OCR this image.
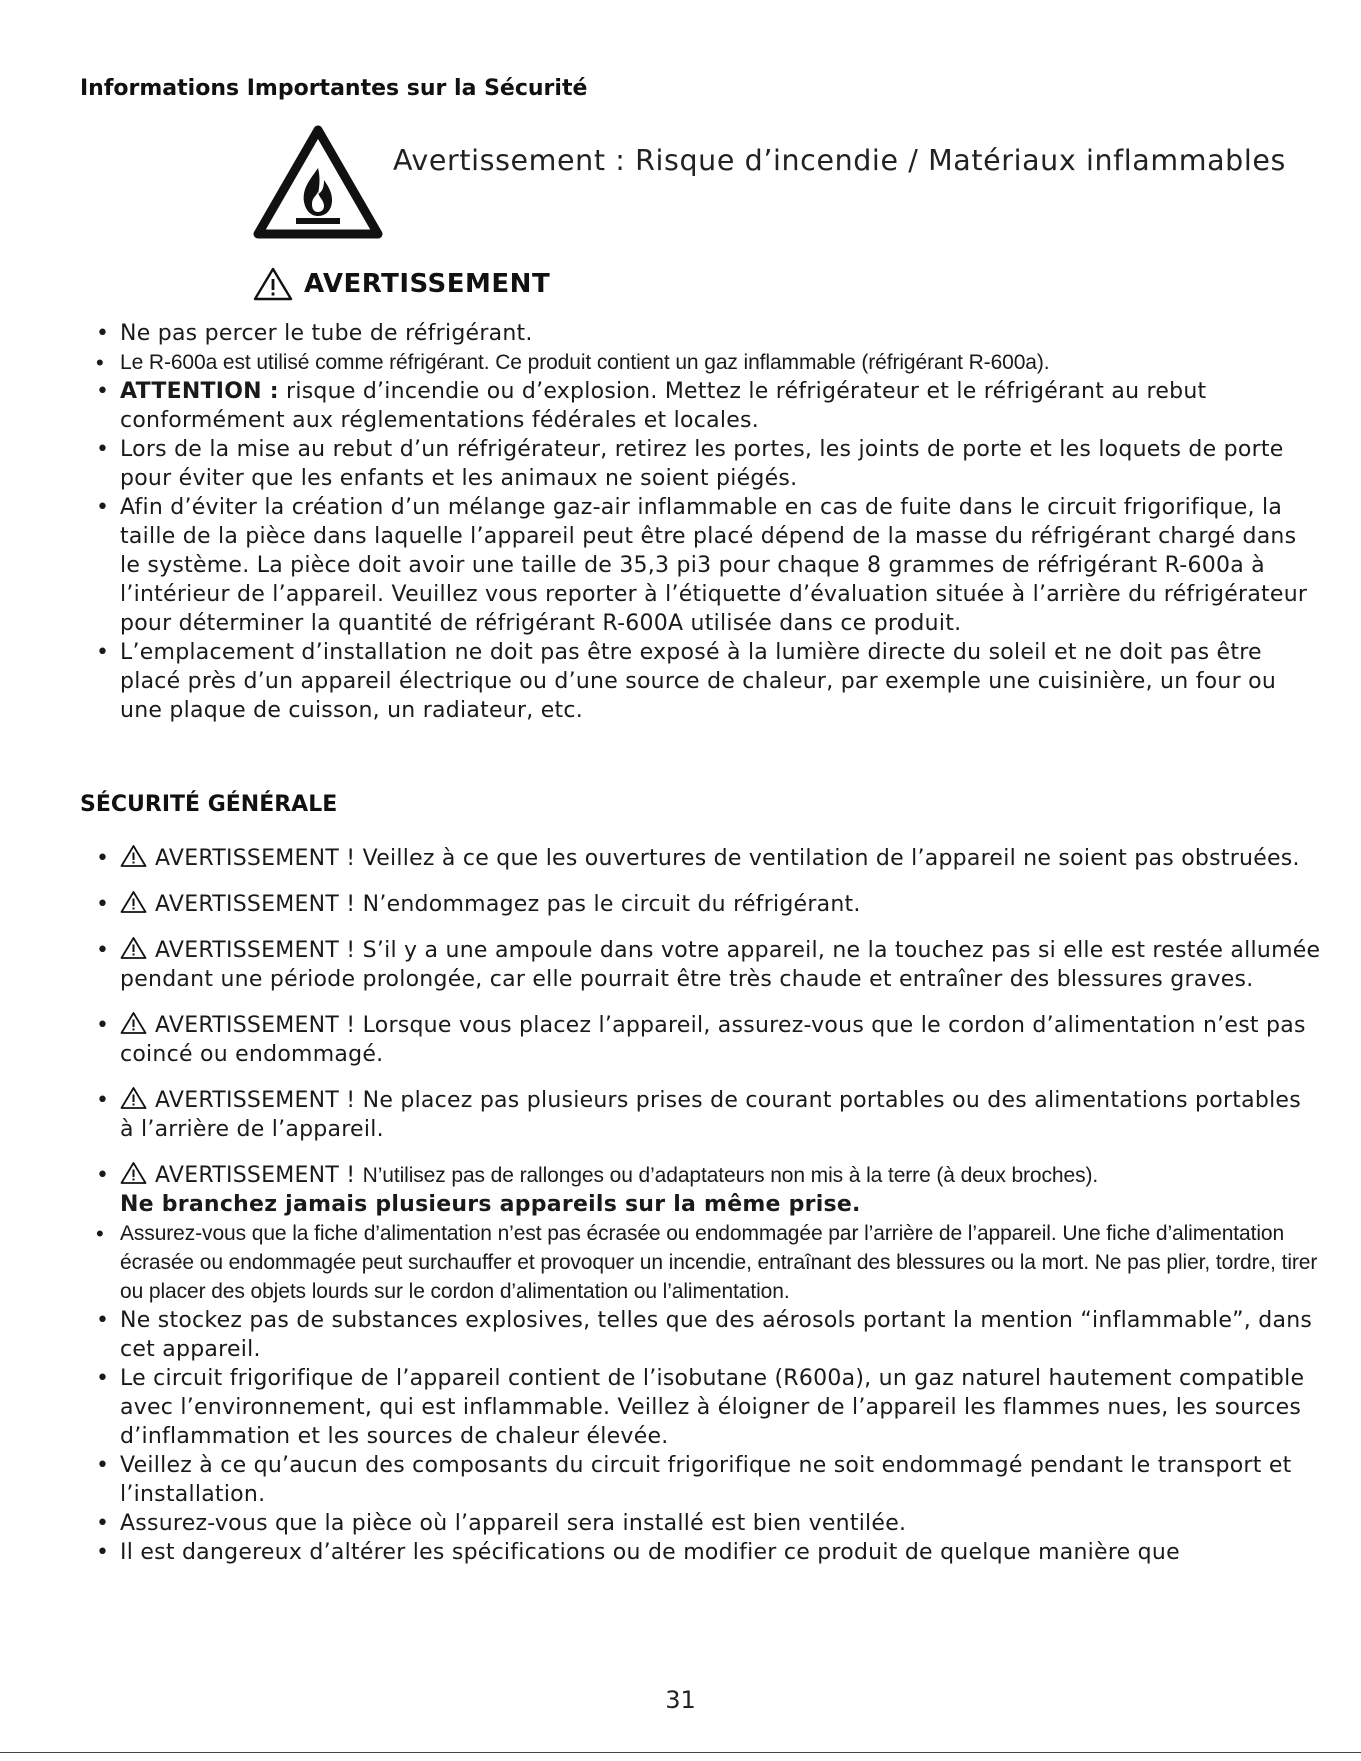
Informations Importantes sur la Sécurité

Avertissement : Risque d’incendie / Matériaux inflammables

AVERTISSEMENT
• Ne pas percer le tube de réfrigérant.
• Le R-600a est utilisé comme réfrigérant. Ce produit contient un gaz inflammable (réfrigérant R-600a).
• ATTENTION : risque d’incendie ou d’explosion. Mettez le réfrigérateur et le réfrigérant au rebut conformément aux réglementations fédérales et locales.
• Lors de la mise au rebut d’un réfrigérateur, retirez les portes, les joints de porte et les loquets de porte pour éviter que les enfants et les animaux ne soient piégés.
• Afin d’éviter la création d’un mélange gaz-air inflammable en cas de fuite dans le circuit frigorifique, la taille de la pièce dans laquelle l’appareil peut être placé dépend de la masse du réfrigérant chargé dans le système. La pièce doit avoir une taille de 35,3 pi3 pour chaque 8 grammes de réfrigérant R-600a à l’intérieur de l’appareil. Veuillez vous reporter à l’étiquette d’évaluation située à l’arrière du réfrigérateur pour déterminer la quantité de réfrigérant R-600A utilisée dans ce produit.
• L’emplacement d’installation ne doit pas être exposé à la lumière directe du soleil et ne doit pas être placé près d’un appareil électrique ou d’une source de chaleur, par exemple une cuisinière, un four ou une plaque de cuisson, un radiateur, etc.
SÉCURITÉ GÉNÉRALE
• AVERTISSEMENT ! Veillez à ce que les ouvertures de ventilation de l’appareil ne soient pas obstruées.
• AVERTISSEMENT ! N’endommagez pas le circuit du réfrigérant.
• AVERTISSEMENT ! S’il y a une ampoule dans votre appareil, ne la touchez pas si elle est restée allumée pendant une période prolongée, car elle pourrait être très chaude et entraîner des blessures graves.
• AVERTISSEMENT ! Lorsque vous placez l’appareil, assurez-vous que le cordon d’alimentation n’est pas coincé ou endommagé.
• AVERTISSEMENT ! Ne placez pas plusieurs prises de courant portables ou des alimentations portables à l’arrière de l’appareil.
• AVERTISSEMENT ! N’utilisez pas de rallonges ou d’adaptateurs non mis à la terre (à deux broches).
Ne branchez jamais plusieurs appareils sur la même prise.
• Assurez-vous que la fiche d’alimentation n’est pas écrasée ou endommagée par l’arrière de l’appareil. Une fiche d’alimentation écrasée ou endommagée peut surchauffer et provoquer un incendie, entraînant des blessures ou la mort. Ne pas plier, tordre, tirer ou placer des objets lourds sur le cordon d’alimentation ou l’alimentation.
• Ne stockez pas de substances explosives, telles que des aérosols portant la mention “inflammable”, dans cet appareil.
• Le circuit frigorifique de l’appareil contient de l’isobutane (R600a), un gaz naturel hautement compatible avec l’environnement, qui est inflammable. Veillez à éloigner de l’appareil les flammes nues, les sources d’inflammation et les sources de chaleur élevée.
• Veillez à ce qu’aucun des composants du circuit frigorifique ne soit endommagé pendant le transport et l’installation.
• Assurez-vous que la pièce où l’appareil sera installé est bien ventilée.
• Il est dangereux d’altérer les spécifications ou de modifier ce produit de quelque manière que
31
